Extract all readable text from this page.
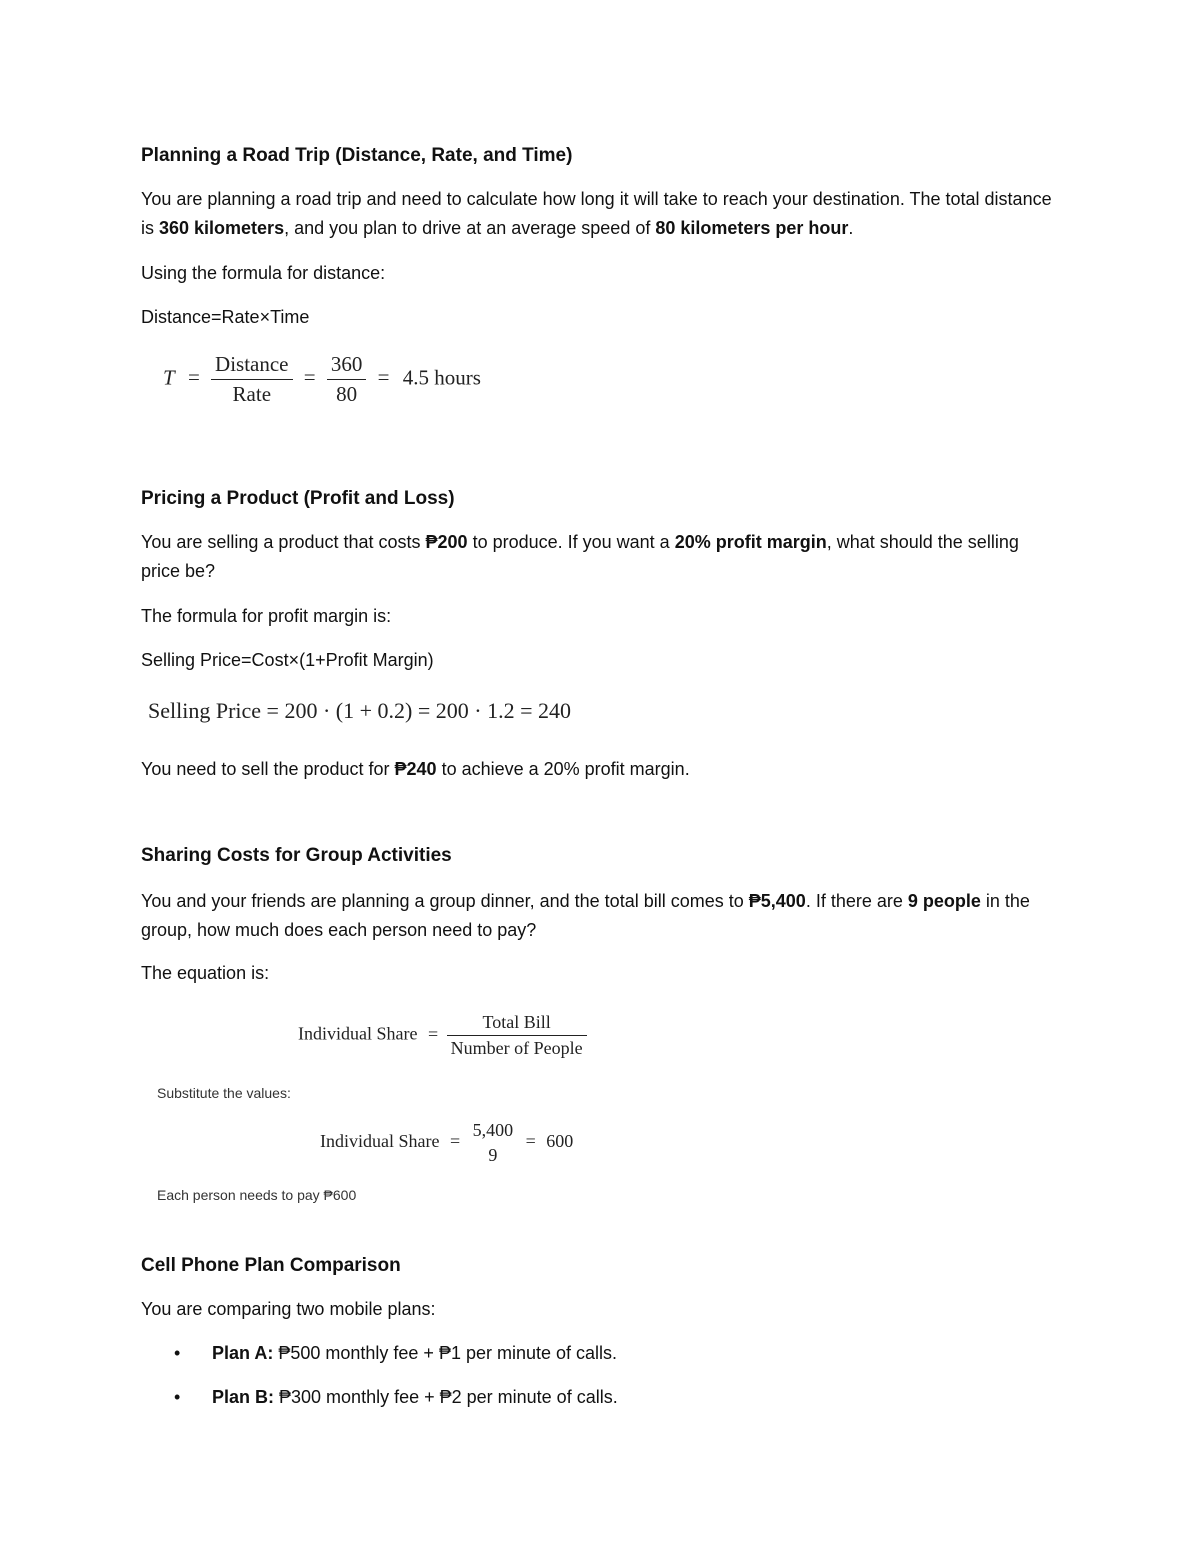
Planning a Road Trip (Distance, Rate, and Time)

You are planning a road trip and need to calculate how long it will take to reach your destination. The total distance is 360 kilometers, and you plan to drive at an average speed of 80 kilometers per hour.

Using the formula for distance:

Distance=Rate×Time

$T = \frac{\text{Distance}}{\text{Rate}} = \frac{360}{80} = 4.5$ hours
Pricing a Product (Profit and Loss)

You are selling a product that costs ₱200 to produce. If you want a 20% profit margin, what should the selling price be?

The formula for profit margin is:

Selling Price=Cost×(1+Profit Margin)

Selling Price = 200 · (1 + 0.2) = 200 · 1.2 = 240

You need to sell the product for ₱240 to achieve a 20% profit margin.

Sharing Costs for Group Activities

You and your friends are planning a group dinner, and the total bill comes to ₱5,400. If there are 9 people in the group, how much does each person need to pay?

The equation is:

Individual Share = $\frac{\text{Total Bill}}{\text{Number of People}}$
Substitute the values:
Individual Share =
5,400
9
= 600
Each person needs to pay ₱600
Cell Phone Plan Comparison

You are comparing two mobile plans:

• Plan A: ₱500 monthly fee + ₱1 per minute of calls.
• Plan B: ₱300 monthly fee + ₱2 per minute of calls.
